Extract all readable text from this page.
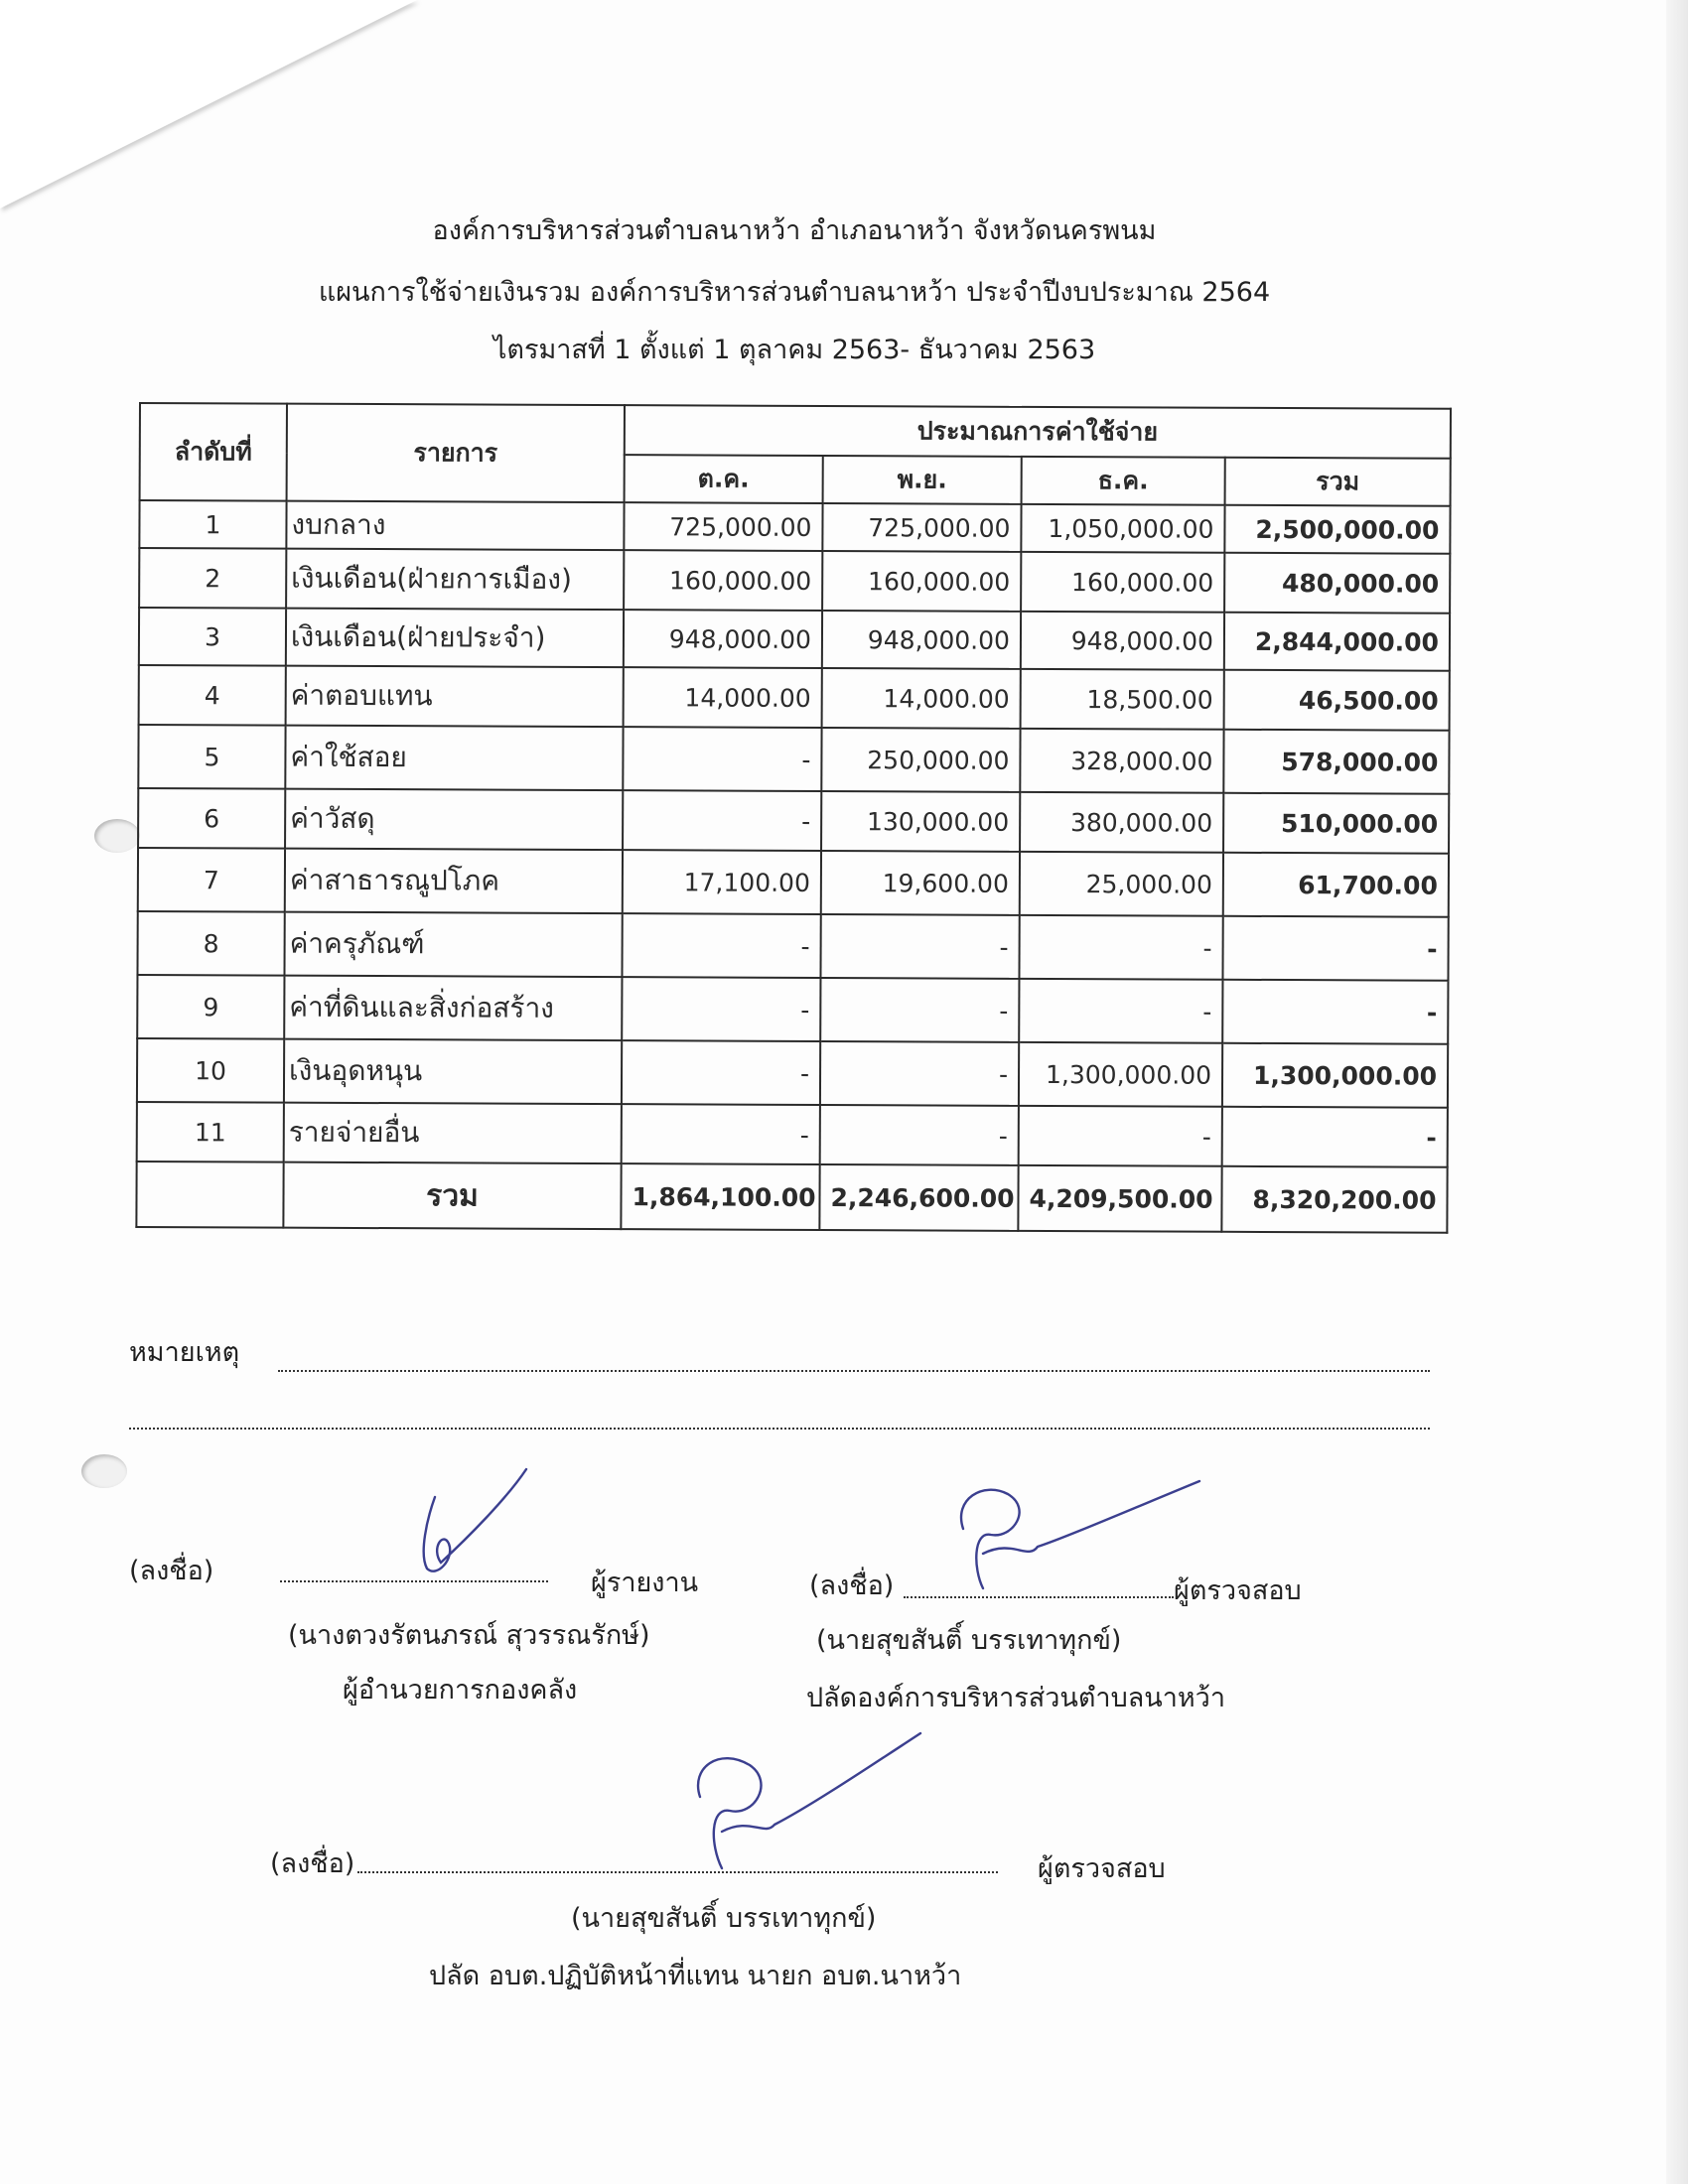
องค์การบริหารส่วนตำบลนาหว้า อำเภอนาหว้า จังหวัดนครพนม
แผนการใช้จ่ายเงินรวม องค์การบริหารส่วนตำบลนาหว้า ประจำปีงบประมาณ 2564
ไตรมาสที่ 1 ตั้งแต่ 1 ตุลาคม 2563- ธันวาคม 2563
ลำดับที่	รายการ	ประมาณการค่าใช้จ่าย			
		ต.ค.	พ.ย.	ธ.ค.	รวม
1	งบกลาง	725,000.00	725,000.00	1,050,000.00	2,500,000.00
2	เงินเดือน(ฝ่ายการเมือง)	160,000.00	160,000.00	160,000.00	480,000.00
3	เงินเดือน(ฝ่ายประจำ)	948,000.00	948,000.00	948,000.00	2,844,000.00
4	ค่าตอบแทน	14,000.00	14,000.00	18,500.00	46,500.00
5	ค่าใช้สอย	-	250,000.00	328,000.00	578,000.00
6	ค่าวัสดุ	-	130,000.00	380,000.00	510,000.00
7	ค่าสาธารณูปโภค	17,100.00	19,600.00	25,000.00	61,700.00
8	ค่าครุภัณฑ์	-	-	-	-
9	ค่าที่ดินและสิ่งก่อสร้าง	-	-	-	-
10	เงินอุดหนุน	-	-	1,300,000.00	1,300,000.00
11	รายจ่ายอื่น	-	-	-	-
	รวม	1,864,100.00	2,246,600.00	4,209,500.00	8,320,200.00
หมายเหตุ
(ลงชื่อ)	ผู้รายงาน
(นางตวงรัตนภรณ์ สุวรรณรักษ์)
ผู้อำนวยการกองคลัง
(ลงชื่อ)	ผู้ตรวจสอบ
(นายสุขสันติ์ บรรเทาทุกข์)
ปลัดองค์การบริหารส่วนตำบลนาหว้า
(ลงชื่อ)	ผู้ตรวจสอบ
(นายสุขสันติ์ บรรเทาทุกข์)
ปลัด อบต.ปฏิบัติหน้าที่แทน นายก อบต.นาหว้า
